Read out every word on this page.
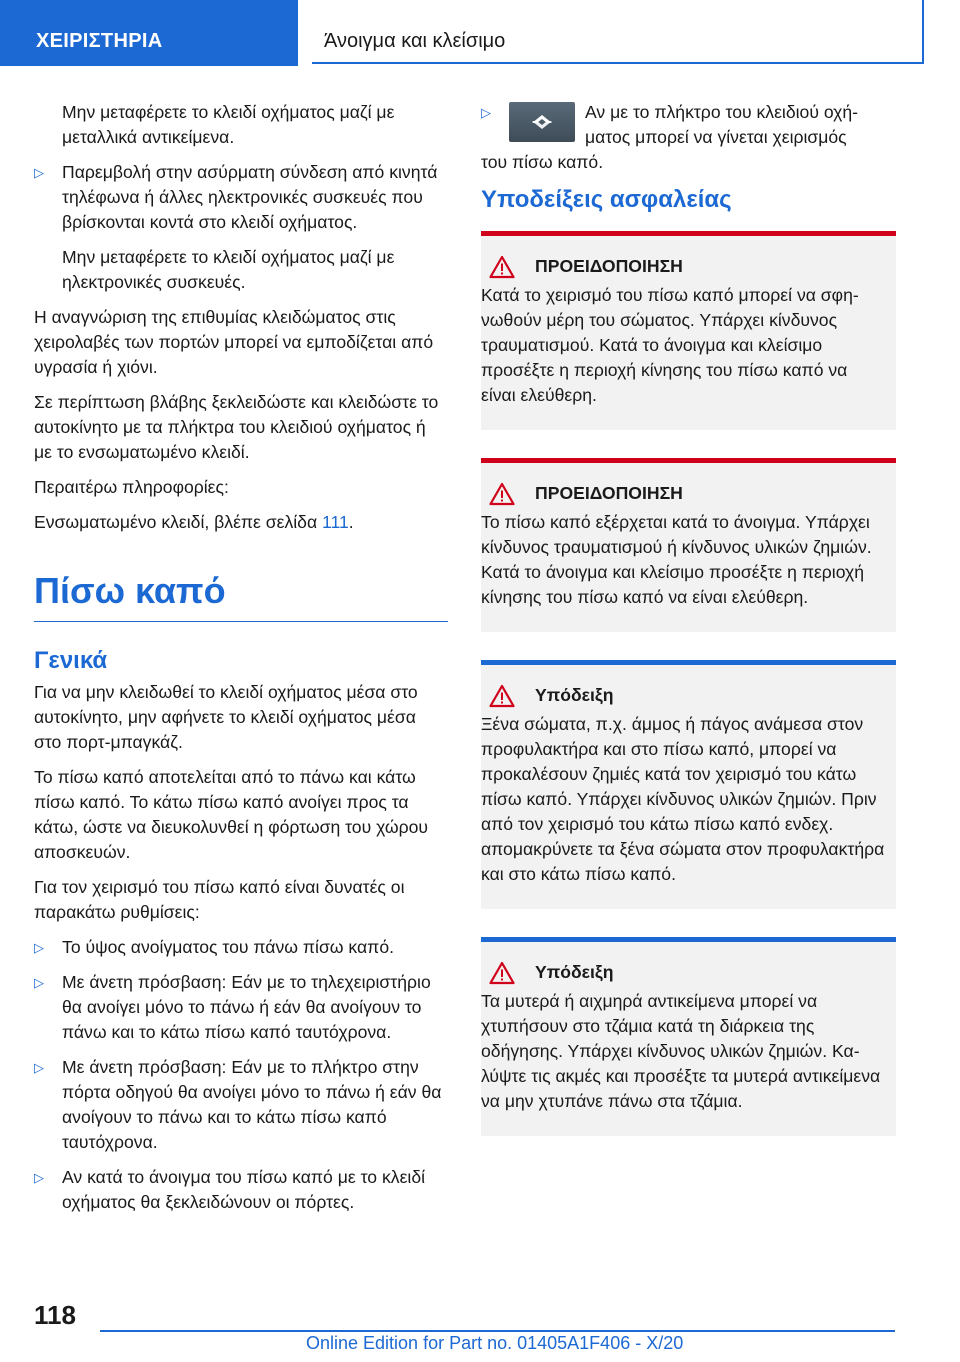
ΧΕΙΡΙΣΤΗΡΙΑ	Άνοιγμα και κλείσιμο

Μην μεταφέρετε το κλειδί οχήματος μαζί με μεταλλικά αντικείμενα.

▷ Παρεμβολή στην ασύρματη σύνδεση από κινητά τηλέφωνα ή άλλες ηλεκτρονικές συσκευές που βρίσκονται κοντά στο κλειδί οχήματος.

Μην μεταφέρετε το κλειδί οχήματος μαζί με ηλεκτρονικές συσκευές.

Η αναγνώριση της επιθυμίας κλειδώματος στις χειρολαβές των πορτών μπορεί να εμποδίζεται από υγρασία ή χιόνι.

Σε περίπτωση βλάβης ξεκλειδώστε και κλειδώστε το αυτοκίνητο με τα πλήκτρα του κλειδιού οχήματος ή με το ενσωματωμένο κλειδί.

Περαιτέρω πληροφορίες:

Ενσωματωμένο κλειδί, βλέπε σελίδα 111.

Πίσω καπό
Γενικά

Για να μην κλειδωθεί το κλειδί οχήματος μέσα στο αυτοκίνητο, μην αφήνετε το κλειδί οχήματος μέσα στο πορτ-μπαγκάζ.

Το πίσω καπό αποτελείται από το πάνω και κάτω πίσω καπό. Το κάτω πίσω καπό ανοίγει προς τα κάτω, ώστε να διευκολυνθεί η φόρτωση του χώρου αποσκευών.

Για τον χειρισμό του πίσω καπό είναι δυνατές οι παρακάτω ρυθμίσεις:

▷ Το ύψος ανοίγματος του πάνω πίσω καπό.
▷ Με άνετη πρόσβαση: Εάν με το τηλεχειριστήριο θα ανοίγει μόνο το πάνω ή εάν θα ανοίγουν το πάνω και το κάτω πίσω καπό ταυτόχρονα.
▷ Με άνετη πρόσβαση: Εάν με το πλήκτρο στην πόρτα οδηγού θα ανοίγει μόνο το πάνω ή εάν θα ανοίγουν το πάνω και το κάτω πίσω καπό ταυτόχρονα.
▷ Αν κατά το άνοιγμα του πίσω καπό με το κλειδί οχήματος θα ξεκλειδώνουν οι πόρτες.
▷	Αν με το πλήκτρο του κλειδιού οχήματος μπορεί να γίνεται χειρισμός

του πίσω καπό.

Υποδείξεις ασφαλείας
ΠΡΟΕΙΔΟΠΟΙΗΣΗ
Κατά το χειρισμό του πίσω καπό μπορεί να σφηνωθούν μέρη του σώματος. Υπάρχει κίνδυνος τραυματισμού. Κατά το άνοιγμα και κλείσιμο προσέξτε η περιοχή κίνησης του πίσω καπό να είναι ελεύθερη.
ΠΡΟΕΙΔΟΠΟΙΗΣΗ
Το πίσω καπό εξέρχεται κατά το άνοιγμα. Υπάρχει κίνδυνος τραυματισμού ή κίνδυνος υλικών ζημιών. Κατά το άνοιγμα και κλείσιμο προσέξτε η περιοχή κίνησης του πίσω καπό να είναι ελεύθερη.
Υπόδειξη
Ξένα σώματα, π.χ. άμμος ή πάγος ανάμεσα στον προφυλακτήρα και στο πίσω καπό, μπορεί να προκαλέσουν ζημιές κατά τον χειρισμό του κάτω πίσω καπό. Υπάρχει κίνδυνος υλικών ζημιών. Πριν από τον χειρισμό του κάτω πίσω καπό ενδεχ. απομακρύνετε τα ξένα σώματα στον προφυλακτήρα και στο κάτω πίσω καπό.
Υπόδειξη
Τα μυτερά ή αιχμηρά αντικείμενα μπορεί να χτυπήσουν στο τζάμια κατά τη διάρκεια της οδήγησης. Υπάρχει κίνδυνος υλικών ζημιών. Καλύψτε τις ακμές και προσέξτε τα μυτερά αντικείμενα να μην χτυπάνε πάνω στα τζάμια.
118
Online Edition for Part no. 01405A1F406 - X/20
